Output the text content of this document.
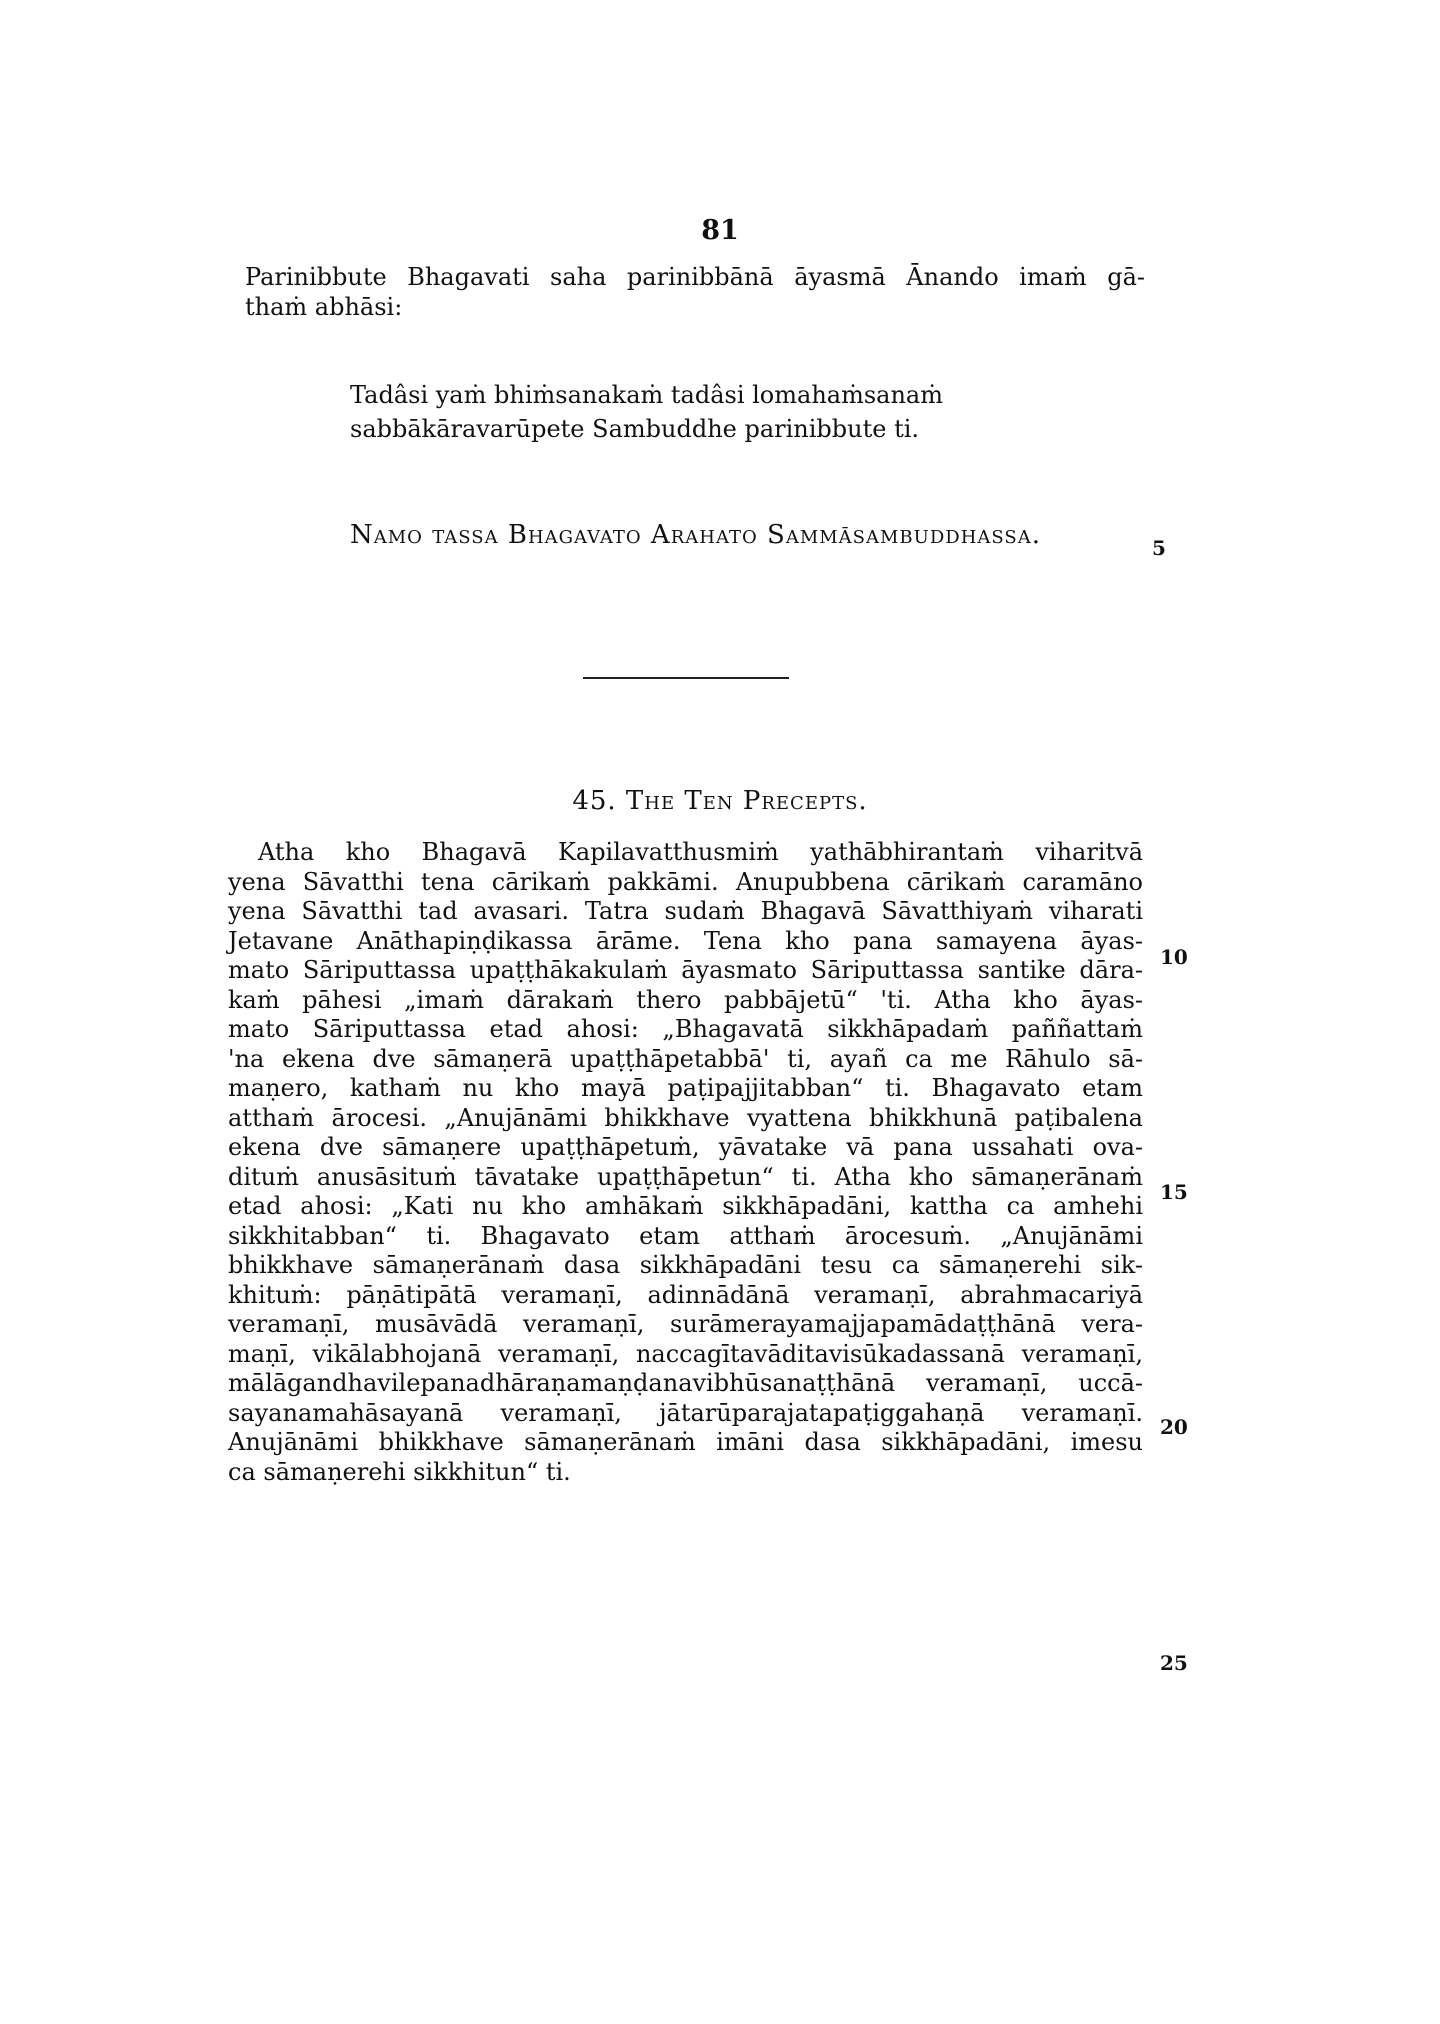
81
Parinibbute Bhagavati saha parinibbānā āyasmā Ānando imaṁ gā-
thaṁ abhāsi:
Tadâsi yaṁ bhiṁsanakaṁ tadâsi lomahaṁsanaṁ
sabbākāravarūpete Sambuddhe parinibbute ti.
Namo tassa Bhagavato Arahato Sammāsambuddhassa.	5
45. The Ten Precepts.
Atha kho Bhagavā Kapilavatthusmiṁ yathābhirantaṁ viharitvā
yena Sāvatthi tena cārikaṁ pakkāmi. Anupubbena cārikaṁ caramāno
yena Sāvatthi tad avasari. Tatra sudaṁ Bhagavā Sāvatthiyaṁ viharati
Jetavane Anāthapiṇḍikassa ārāme. Tena kho pana samayena āyas-
mato Sāriputtassa upaṭṭhākakulaṁ āyasmato Sāriputtassa santike dāra-
kaṁ pāhesi „imaṁ dārakaṁ thero pabbājetū“ 'ti. Atha kho āyas-
mato Sāriputtassa etad ahosi: „Bhagavatā sikkhāpadaṁ paññattaṁ
'na ekena dve sāmaṇerā upaṭṭhāpetabbā' ti, ayañ ca me Rāhulo sā-
maṇero, kathaṁ nu kho mayā paṭipajjitabban“ ti. Bhagavato etam
atthaṁ ārocesi. „Anujānāmi bhikkhave vyattena bhikkhunā paṭibalena
ekena dve sāmaṇere upaṭṭhāpetuṁ, yāvatake vā pana ussahati ova-
dituṁ anusāsituṁ tāvatake upaṭṭhāpetun“ ti. Atha kho sāmaṇerānaṁ
etad ahosi: „Kati nu kho amhākaṁ sikkhāpadāni, kattha ca amhehi
sikkhitabban“ ti. Bhagavato etam atthaṁ ārocesuṁ. „Anujānāmi
bhikkhave sāmaṇerānaṁ dasa sikkhāpadāni tesu ca sāmaṇerehi sik-
khituṁ: pāṇātipātā veramaṇī, adinnādānā veramaṇī, abrahmacariyā
veramaṇī, musāvādā veramaṇī, surāmerayamajjapamādaṭṭhānā vera-
maṇī, vikālabhojanā veramaṇī, naccagītavāditavisūkadassanā veramaṇī,
mālāgandhavilepanadhāraṇamaṇḍanavibhūsanaṭṭhānā veramaṇī, uccā-
sayanamahāsayanā veramaṇī, jātarūparajatapaṭiggahaṇā veramaṇī.
Anujānāmi bhikkhave sāmaṇerānaṁ imāni dasa sikkhāpadāni, imesu
ca sāmaṇerehi sikkhitun“ ti.
10
15
20
25
